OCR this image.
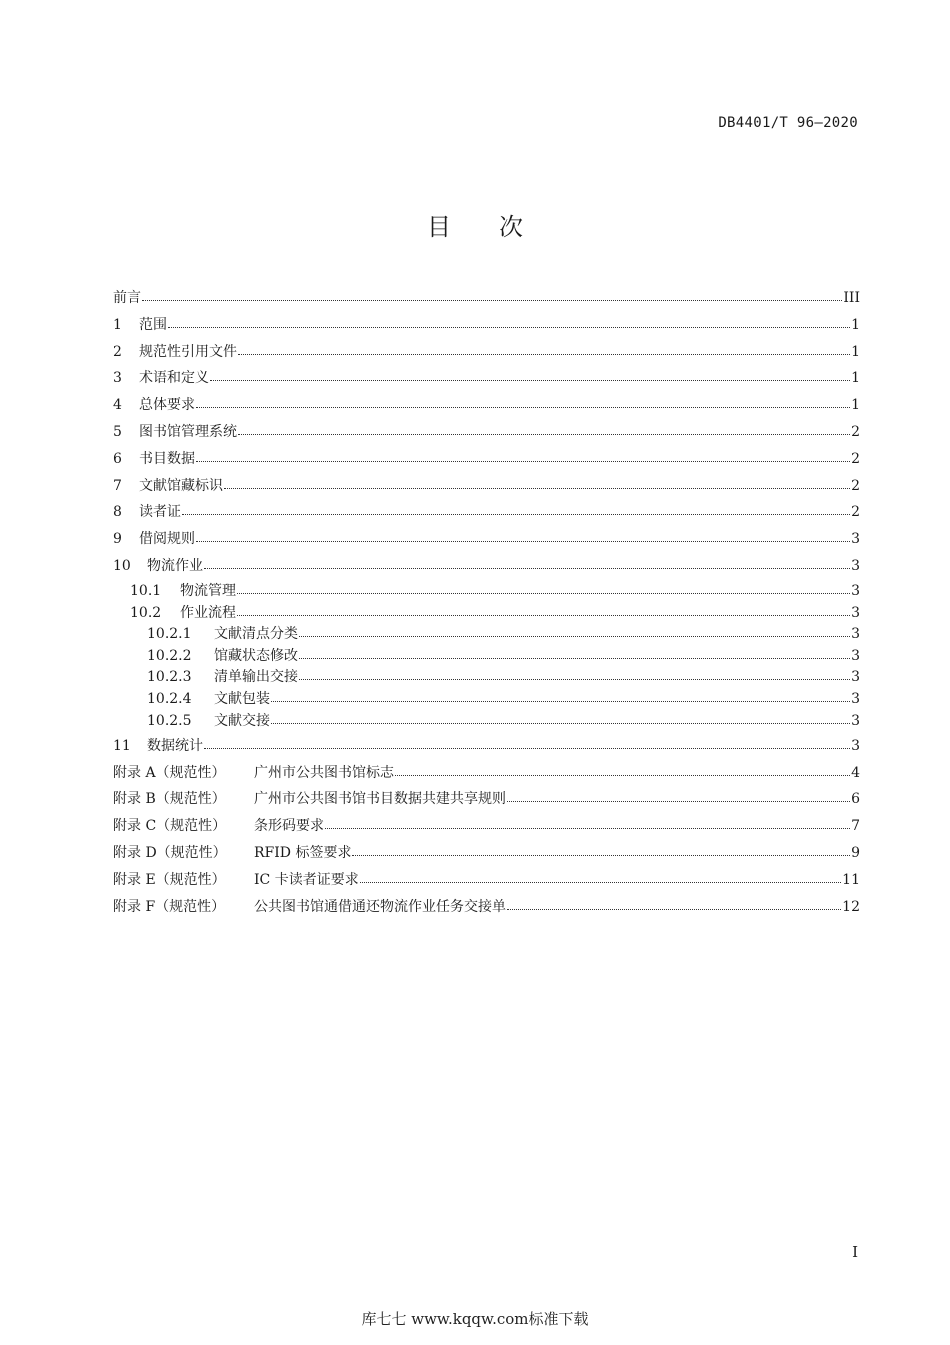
DB4401/T 96—2020
目次
前言	III
1	范围	1
2	规范性引用文件	1
3	术语和定义	1
4	总体要求	1
5	图书馆管理系统	2
6	书目数据	2
7	文献馆藏标识	2
8	读者证	2
9	借阅规则	3
10	物流作业	3
10.1	物流管理	3
10.2	作业流程	3
10.2.1	文献清点分类	3
10.2.2	馆藏状态修改	3
10.2.3	清单输出交接	3
10.2.4	文献包装	3
10.2.5	文献交接	3
11	数据统计	3
附录 A（规范性）	广州市公共图书馆标志	4
附录 B（规范性）	广州市公共图书馆书目数据共建共享规则	6
附录 C（规范性）	条形码要求	7
附录 D（规范性）	RFID 标签要求	9
附录 E（规范性）	IC 卡读者证要求	11
附录 F（规范性）	公共图书馆通借通还物流作业任务交接单	12
I
库七七 www.kqqw.com标准下载
